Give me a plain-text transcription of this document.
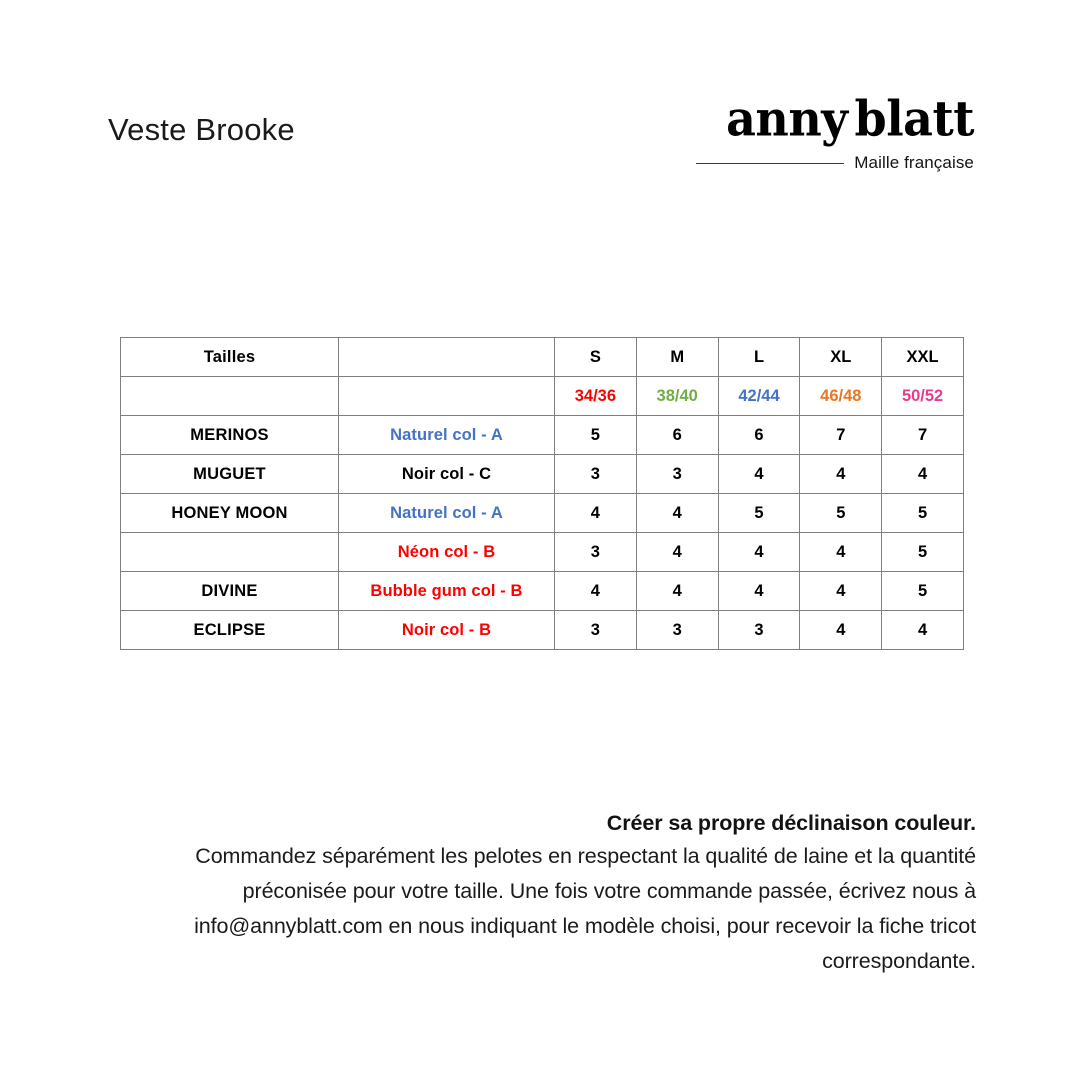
Veste Brooke	anny blatt
Maille française
Tailles		S	M	L	XL	XXL
		34/36	38/40	42/44	46/48	50/52
MERINOS	Naturel col - A	5	6	6	7	7
MUGUET	Noir col - C	3	3	4	4	4
HONEY MOON	Naturel col - A	4	4	5	5	5
	Néon col - B	3	4	4	4	5
DIVINE	Bubble gum col - B	4	4	4	4	5
ECLIPSE	Noir col - B	3	3	3	4	4
Créer sa propre déclinaison couleur.
Commandez séparément les pelotes en respectant la qualité de laine et la quantité préconisée pour votre taille. Une fois votre commande passée, écrivez nous à info@annyblatt.com en nous indiquant le modèle choisi, pour recevoir la fiche tricot correspondante.
